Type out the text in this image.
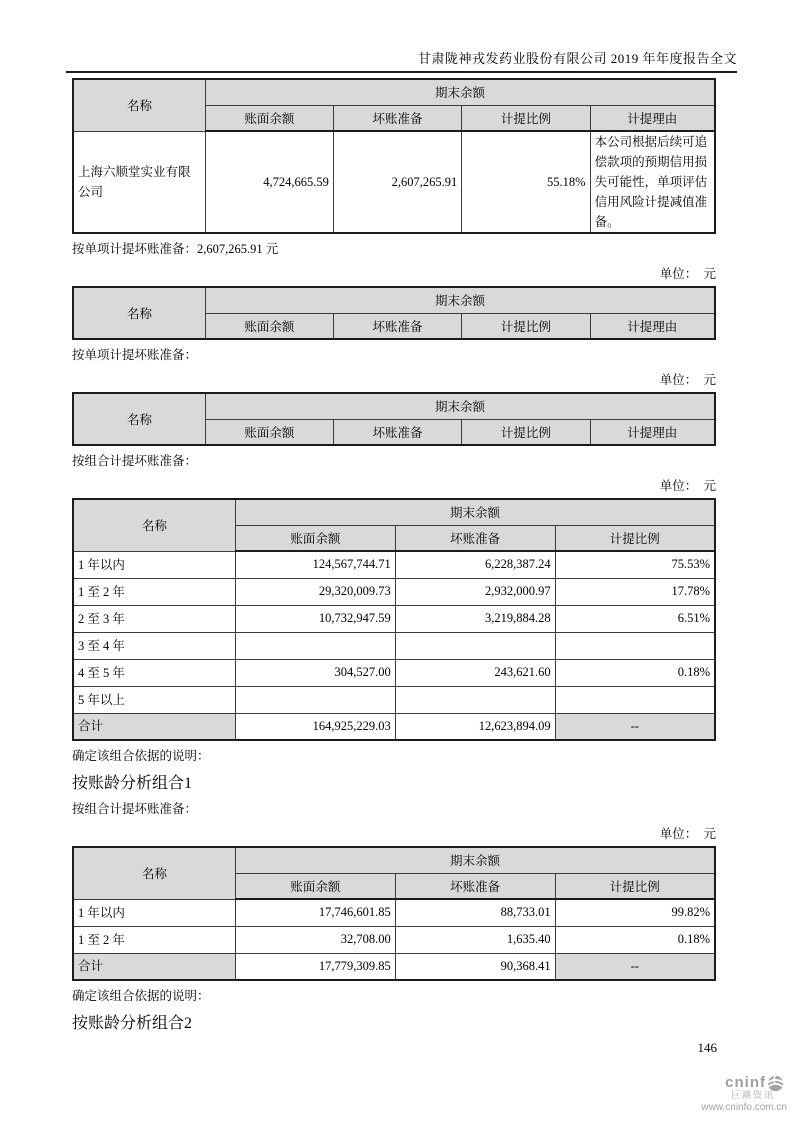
甘肃陇神戎发药业股份有限公司 2019 年年度报告全文
名称	期末余额			
	账面余额	坏账准备	计提比例	计提理由
上海六顺堂实业有限公司	4,724,665.59	2,607,265.91	55.18%	本公司根据后续可追偿款项的预期信用损失可能性，单项评估信用风险计提减值准备。
按单项计提坏账准备：2,607,265.91 元
单位：  元
名称	期末余额			
	账面余额	坏账准备	计提比例	计提理由
按单项计提坏账准备：
单位：  元
名称	期末余额			
	账面余额	坏账准备	计提比例	计提理由
按组合计提坏账准备：
单位：  元
名称	期末余额		
	账面余额	坏账准备	计提比例
1 年以内	124,567,744.71	6,228,387.24	75.53%
1 至 2 年	29,320,009.73	2,932,000.97	17.78%
2 至 3 年	10,732,947.59	3,219,884.28	6.51%
3 至 4 年			
4 至 5 年	304,527.00	243,621.60	0.18%
5 年以上			
合计	164,925,229.03	12,623,894.09	--
确定该组合依据的说明：
按账龄分析组合1
按组合计提坏账准备：
单位：  元
名称	期末余额		
	账面余额	坏账准备	计提比例
1 年以内	17,746,601.85	88,733.01	99.82%
1 至 2 年	32,708.00	1,635.40	0.18%
合计	17,779,309.85	90,368.41	--
确定该组合依据的说明：
按账龄分析组合2
146
cninf
巨潮资讯
www.cninfo.com.cn
